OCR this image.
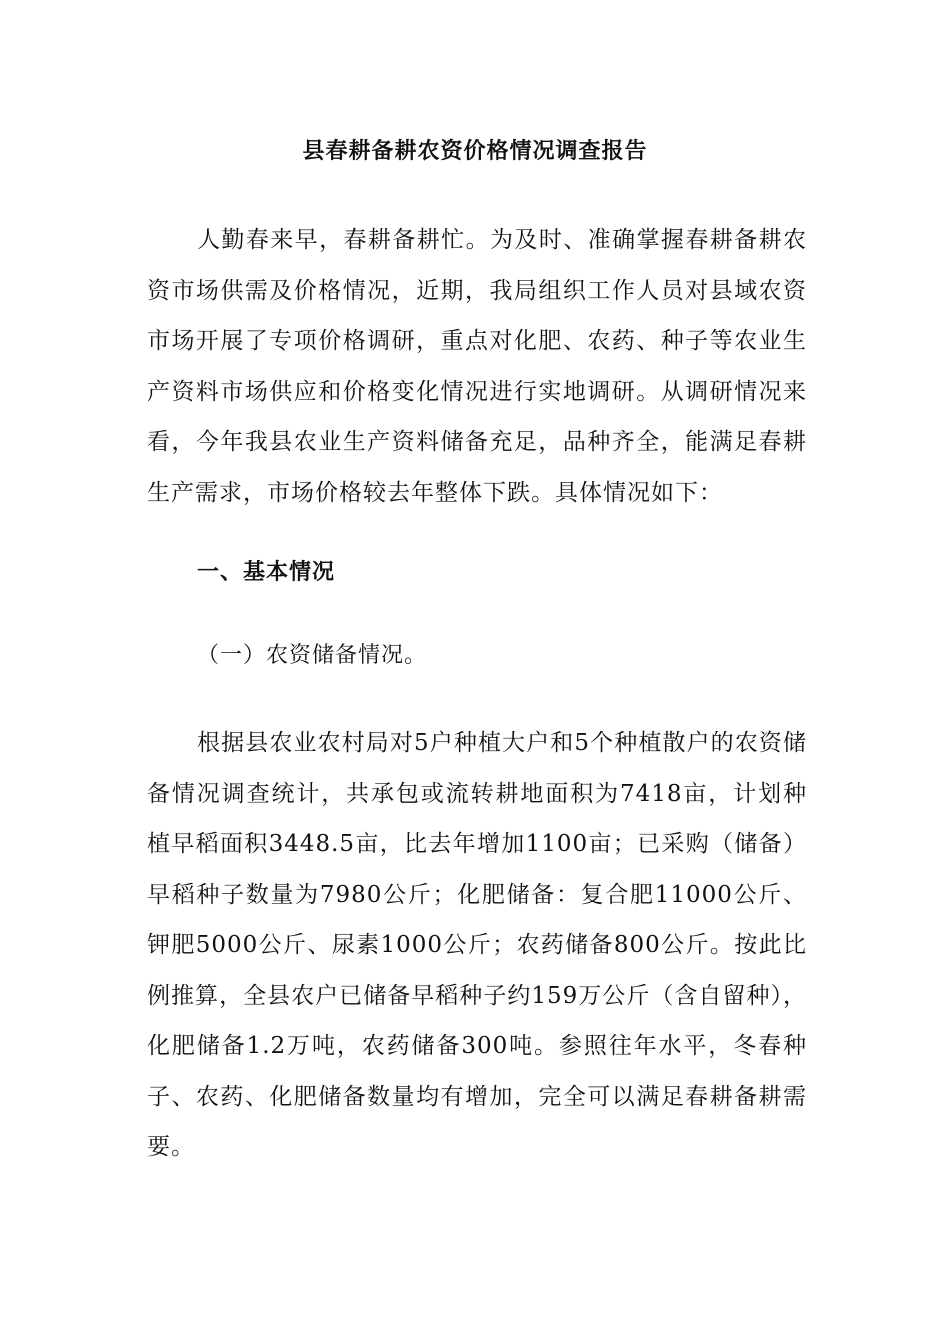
县春耕备耕农资价格情况调查报告
人勤春来早，春耕备耕忙。为及时、准确掌握春耕备耕农资市场供需及价格情况，近期，我局组织工作人员对县域农资市场开展了专项价格调研，重点对化肥、农药、种子等农业生产资料市场供应和价格变化情况进行实地调研。从调研情况来看，今年我县农业生产资料储备充足，品种齐全，能满足春耕生产需求，市场价格较去年整体下跌。具体情况如下：
一、基本情况
（一）农资储备情况。
根据县农业农村局对5户种植大户和5个种植散户的农资储备情况调查统计，共承包或流转耕地面积为7418亩，计划种植早稻面积3448.5亩，比去年增加1100亩；已采购（储备）早稻种子数量为7980公斤；化肥储备：复合肥11000公斤、钾肥5000公斤、尿素1000公斤；农药储备800公斤。按此比例推算，全县农户已储备早稻种子约159万公斤（含自留种），化肥储备1.2万吨，农药储备300吨。参照往年水平，冬春种子、农药、化肥储备数量均有增加，完全可以满足春耕备耕需要。
